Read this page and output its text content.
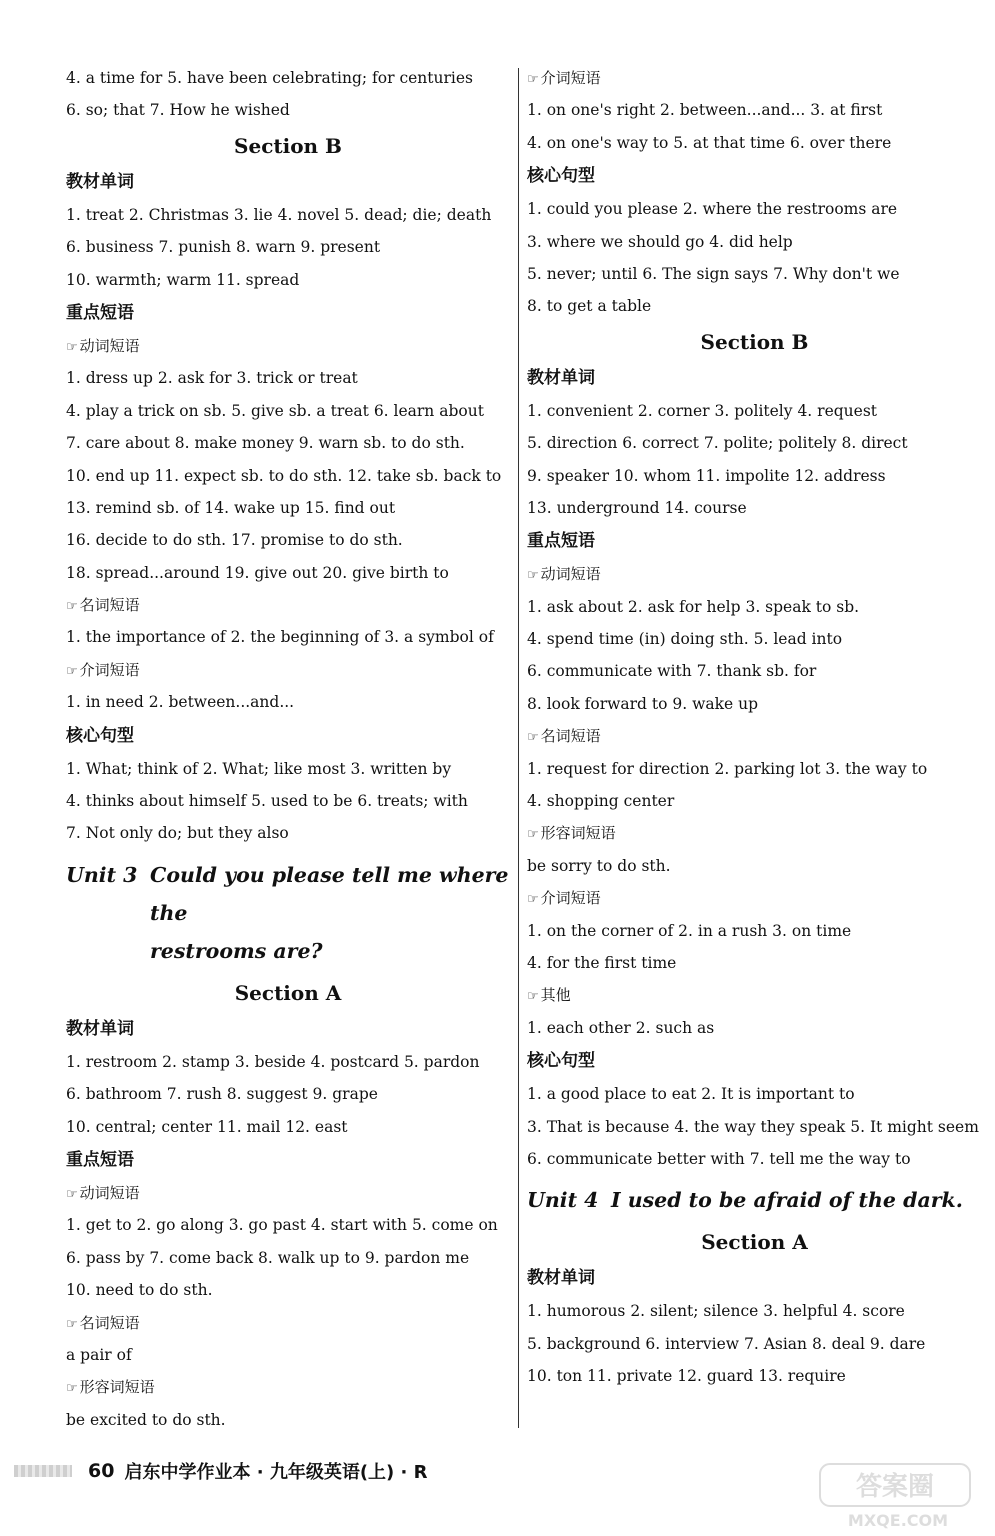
4. a time for 5. have been celebrating; for centuries
6. so; that 7. How he wished
Section B
教材单词
1. treat 2. Christmas 3. lie 4. novel 5. dead; die; death
6. business 7. punish 8. warn 9. present
10. warmth; warm 11. spread
重点短语
☞ 动词短语
1. dress up 2. ask for 3. trick or treat
4. play a trick on sb. 5. give sb. a treat 6. learn about
7. care about 8. make money 9. warn sb. to do sth.
10. end up 11. expect sb. to do sth. 12. take sb. back to
13. remind sb. of 14. wake up 15. find out
16. decide to do sth. 17. promise to do sth.
18. spread...around 19. give out 20. give birth to
☞ 名词短语
1. the importance of 2. the beginning of 3. a symbol of
☞ 介词短语
1. in need 2. between...and...
核心句型
1. What; think of 2. What; like most 3. written by
4. thinks about himself 5. used to be 6. treats; with
7. Not only do; but they also
Unit 3 Could you please tell me where the
restrooms are?
Section A
教材单词
1. restroom 2. stamp 3. beside 4. postcard 5. pardon
6. bathroom 7. rush 8. suggest 9. grape
10. central; center 11. mail 12. east
重点短语
☞ 动词短语
1. get to 2. go along 3. go past 4. start with 5. come on
6. pass by 7. come back 8. walk up to 9. pardon me
10. need to do sth.
☞ 名词短语
a pair of
☞ 形容词短语
be excited to do sth.
☞ 介词短语
1. on one's right 2. between...and... 3. at first
4. on one's way to 5. at that time 6. over there
核心句型
1. could you please 2. where the restrooms are
3. where we should go 4. did help
5. never; until 6. The sign says 7. Why don't we
8. to get a table
Section B
教材单词
1. convenient 2. corner 3. politely 4. request
5. direction 6. correct 7. polite; politely 8. direct
9. speaker 10. whom 11. impolite 12. address
13. underground 14. course
重点短语
☞ 动词短语
1. ask about 2. ask for help 3. speak to sb.
4. spend time (in) doing sth. 5. lead into
6. communicate with 7. thank sb. for
8. look forward to 9. wake up
☞ 名词短语
1. request for direction 2. parking lot 3. the way to
4. shopping center
☞ 形容词短语
be sorry to do sth.
☞ 介词短语
1. on the corner of 2. in a rush 3. on time
4. for the first time
☞ 其他
1. each other 2. such as
核心句型
1. a good place to eat 2. It is important to
3. That is because 4. the way they speak 5. It might seem
6. communicate better with 7. tell me the way to
Unit 4 I used to be afraid of the dark.
Section A
教材单词
1. humorous 2. silent; silence 3. helpful 4. score
5. background 6. interview 7. Asian 8. deal 9. dare
10. ton 11. private 12. guard 13. require
60 启东中学作业本 · 九年级英语(上) · R	答案圈
MXQE.COM
